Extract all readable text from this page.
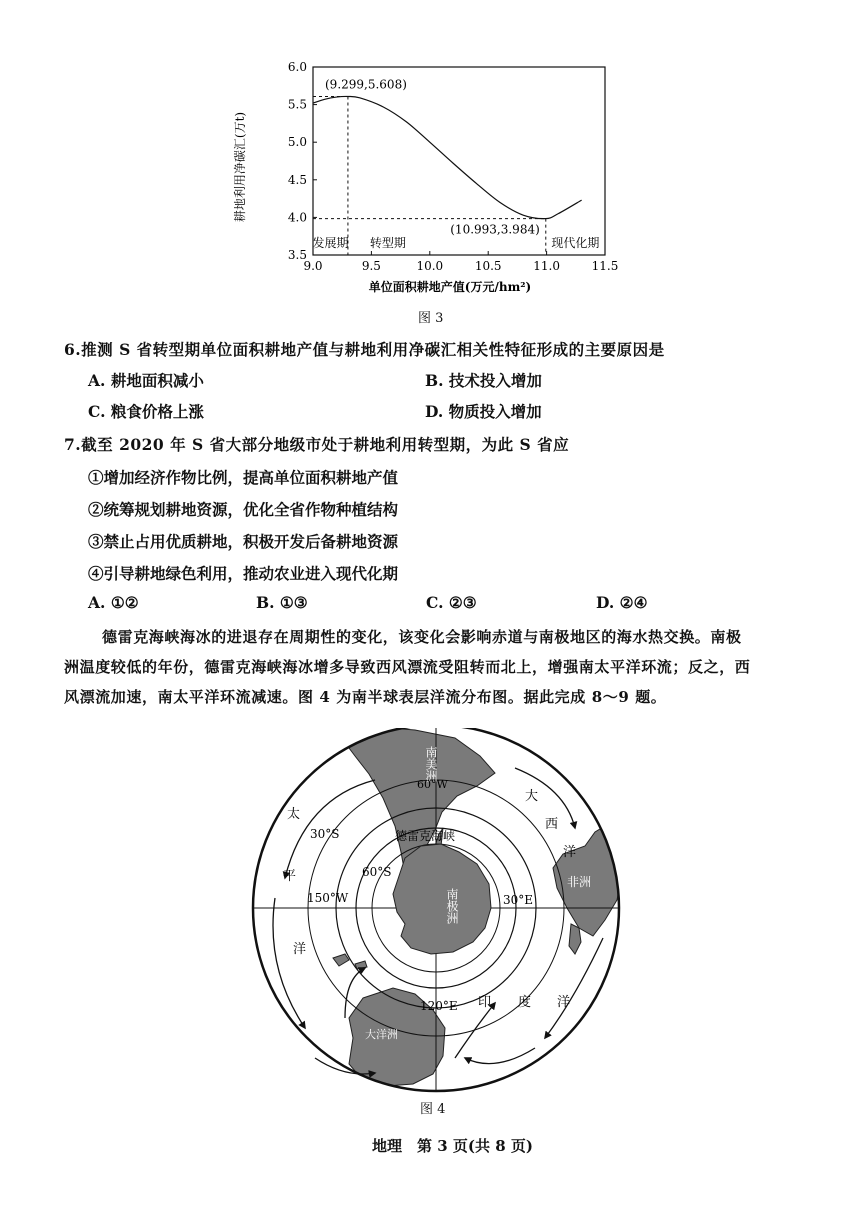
9.0	9.5	10.0	10.5	11.0	11.5
3.5
4.0
4.5
5.0
5.5
6.0
(9.299,5.608)
(10.993,3.984)
发展期 转型期	现代化期
耕地利用净碳汇(万t)
单位面积耕地产值(万元/hm²)
图 3
6.推测 S 省转型期单位面积耕地产值与耕地利用净碳汇相关性特征形成的主要原因是
A. 耕地面积减小	B. 技术投入增加
C. 粮食价格上涨	D. 物质投入增加
7.截至 2020 年 S 省大部分地级市处于耕地利用转型期，为此 S 省应
①增加经济作物比例，提高单位面积耕地产值
②统筹规划耕地资源，优化全省作物种植结构
③禁止占用优质耕地，积极开发后备耕地资源
④引导耕地绿色利用，推动农业进入现代化期
A. ①②	B. ①③	C. ②③	D. ②④
德雷克海峡海冰的进退存在周期性的变化，该变化会影响赤道与南极地区的海水热交换。南极
洲温度较低的年份，德雷克海峡海冰增多导致西风漂流受阻转而北上，增强南太平洋环流；反之，西
风漂流加速，南太平洋环流减速。图 4 为南半球表层洋流分布图。据此完成 8～9 题。
南美洲
60°W
德雷克海峡
30°S
60°S
150°W	30°E
120°E
南极洲
非洲
大洋洲
太
平
洋
大
西
洋
印 度 洋
图 4
地理　第 3 页(共 8 页)
